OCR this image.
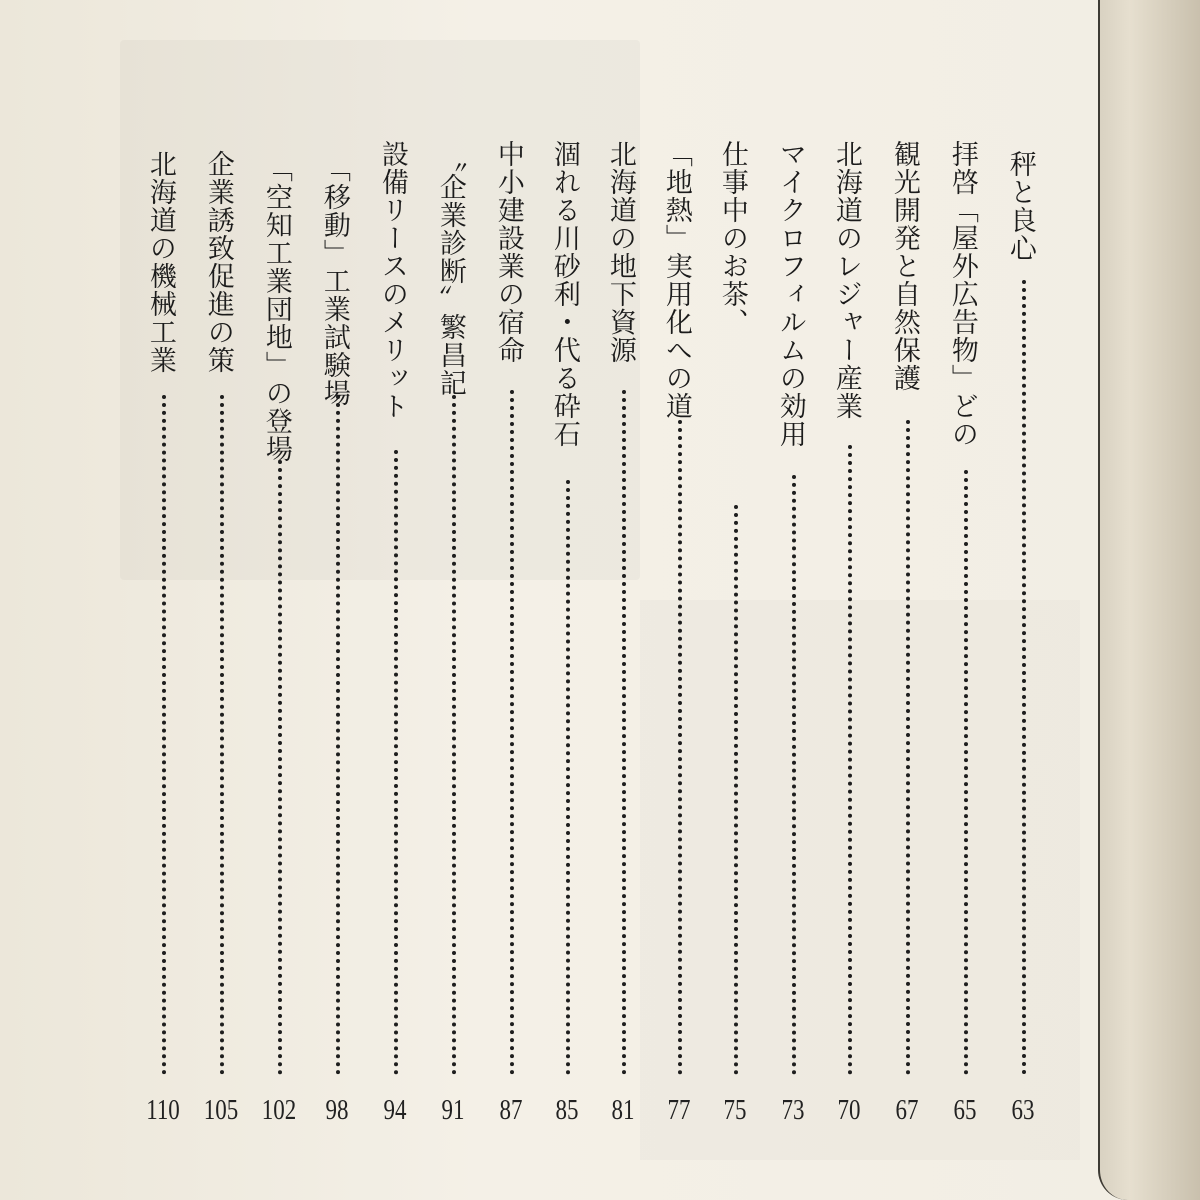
秤と良心
63
拝啓「屋外広告物」どの
65
観光開発と自然保護
67
北海道のレジャー産業
70
マイクロフィルムの効用
73
仕事中のお茶、
75
「地熱」実用化への道
77
北海道の地下資源
81
涸れる川砂利・代る砕石
85
中小建設業の宿命
87
〝企業診断〟繁昌記
91
設備リースのメリット
94
「移動」工業試験場
98
「空知工業団地」の登場
102
企業誘致促進の策
105
北海道の機械工業
110
